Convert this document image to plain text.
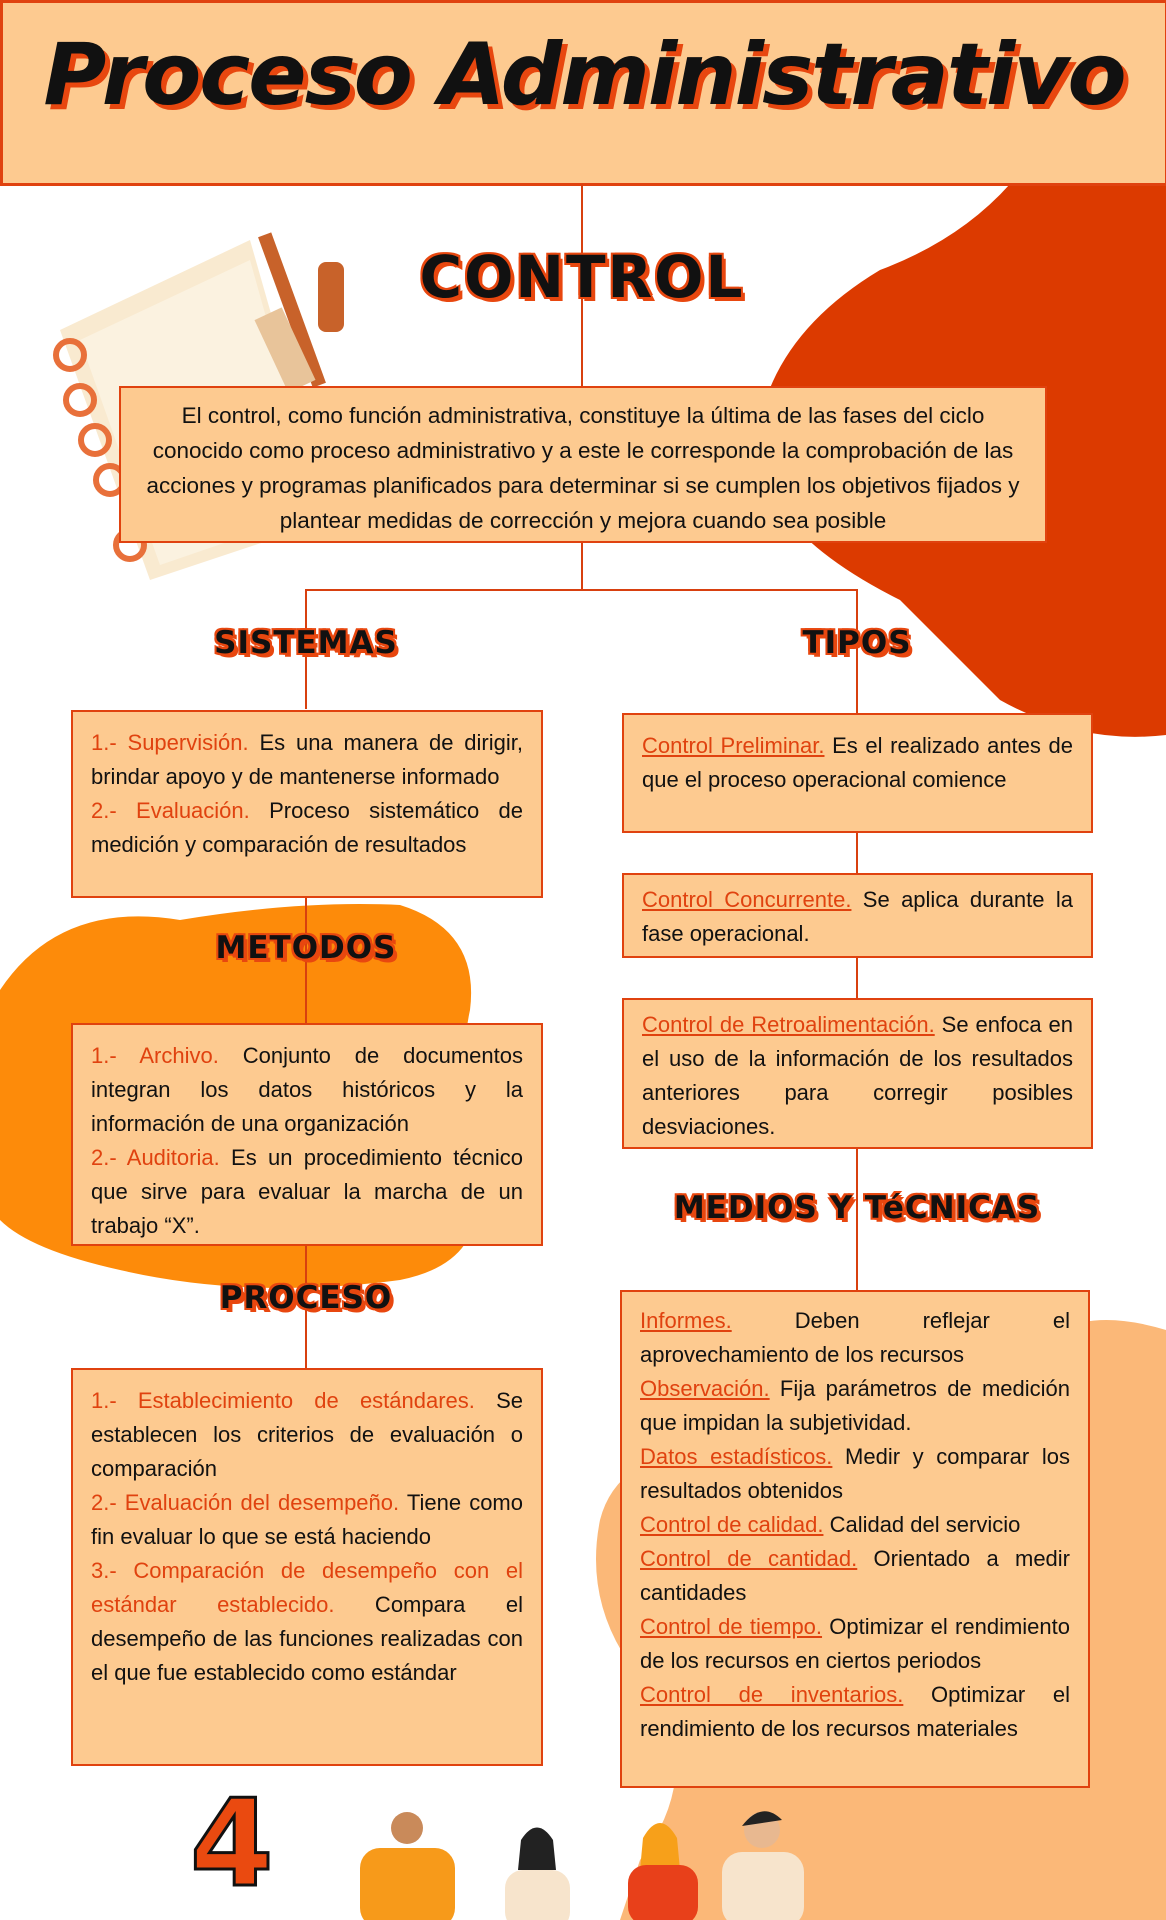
Proceso Administrativo
CONTROL
El control, como función administrativa, constituye la última de las fases del ciclo conocido como proceso administrativo y a este le corresponde la comprobación de las acciones y programas planificados para determinar si se cumplen los objetivos fijados y plantear medidas de corrección y mejora cuando sea posible
SISTEMAS
1.- Supervisión. Es una manera de dirigir, brindar apoyo y de mantenerse informado
2.- Evaluación. Proceso sistemático de medición y comparación de resultados
METODOS
1.- Archivo. Conjunto de documentos integran los datos históricos y la información de una organización
2.- Auditoria. Es un procedimiento técnico que sirve para evaluar la marcha de un trabajo “X”.
PROCESO
1.- Establecimiento de estándares. Se establecen los criterios de evaluación o comparación
2.- Evaluación del desempeño. Tiene como fin evaluar lo que se está haciendo
3.- Comparación de desempeño con el estándar establecido. Compara el desempeño de las funciones realizadas con el que fue establecido como estándar
TIPOS
Control Preliminar. Es el realizado antes de que el proceso operacional comience
Control Concurrente. Se aplica durante la fase operacional.
Control de Retroalimentación. Se enfoca en el uso de la información de los resultados anteriores para corregir posibles desviaciones.
MEDIOS Y TéCNICAS
Informes. Deben reflejar el aprovechamiento de los recursos
Observación. Fija parámetros de medición que impidan la subjetividad.
Datos estadísticos. Medir y comparar los resultados obtenidos
Control de calidad. Calidad del servicio
Control de cantidad. Orientado a medir cantidades
Control de tiempo. Optimizar el rendimiento de los recursos en ciertos periodos
Control de inventarios. Optimizar el rendimiento de los recursos materiales
4
